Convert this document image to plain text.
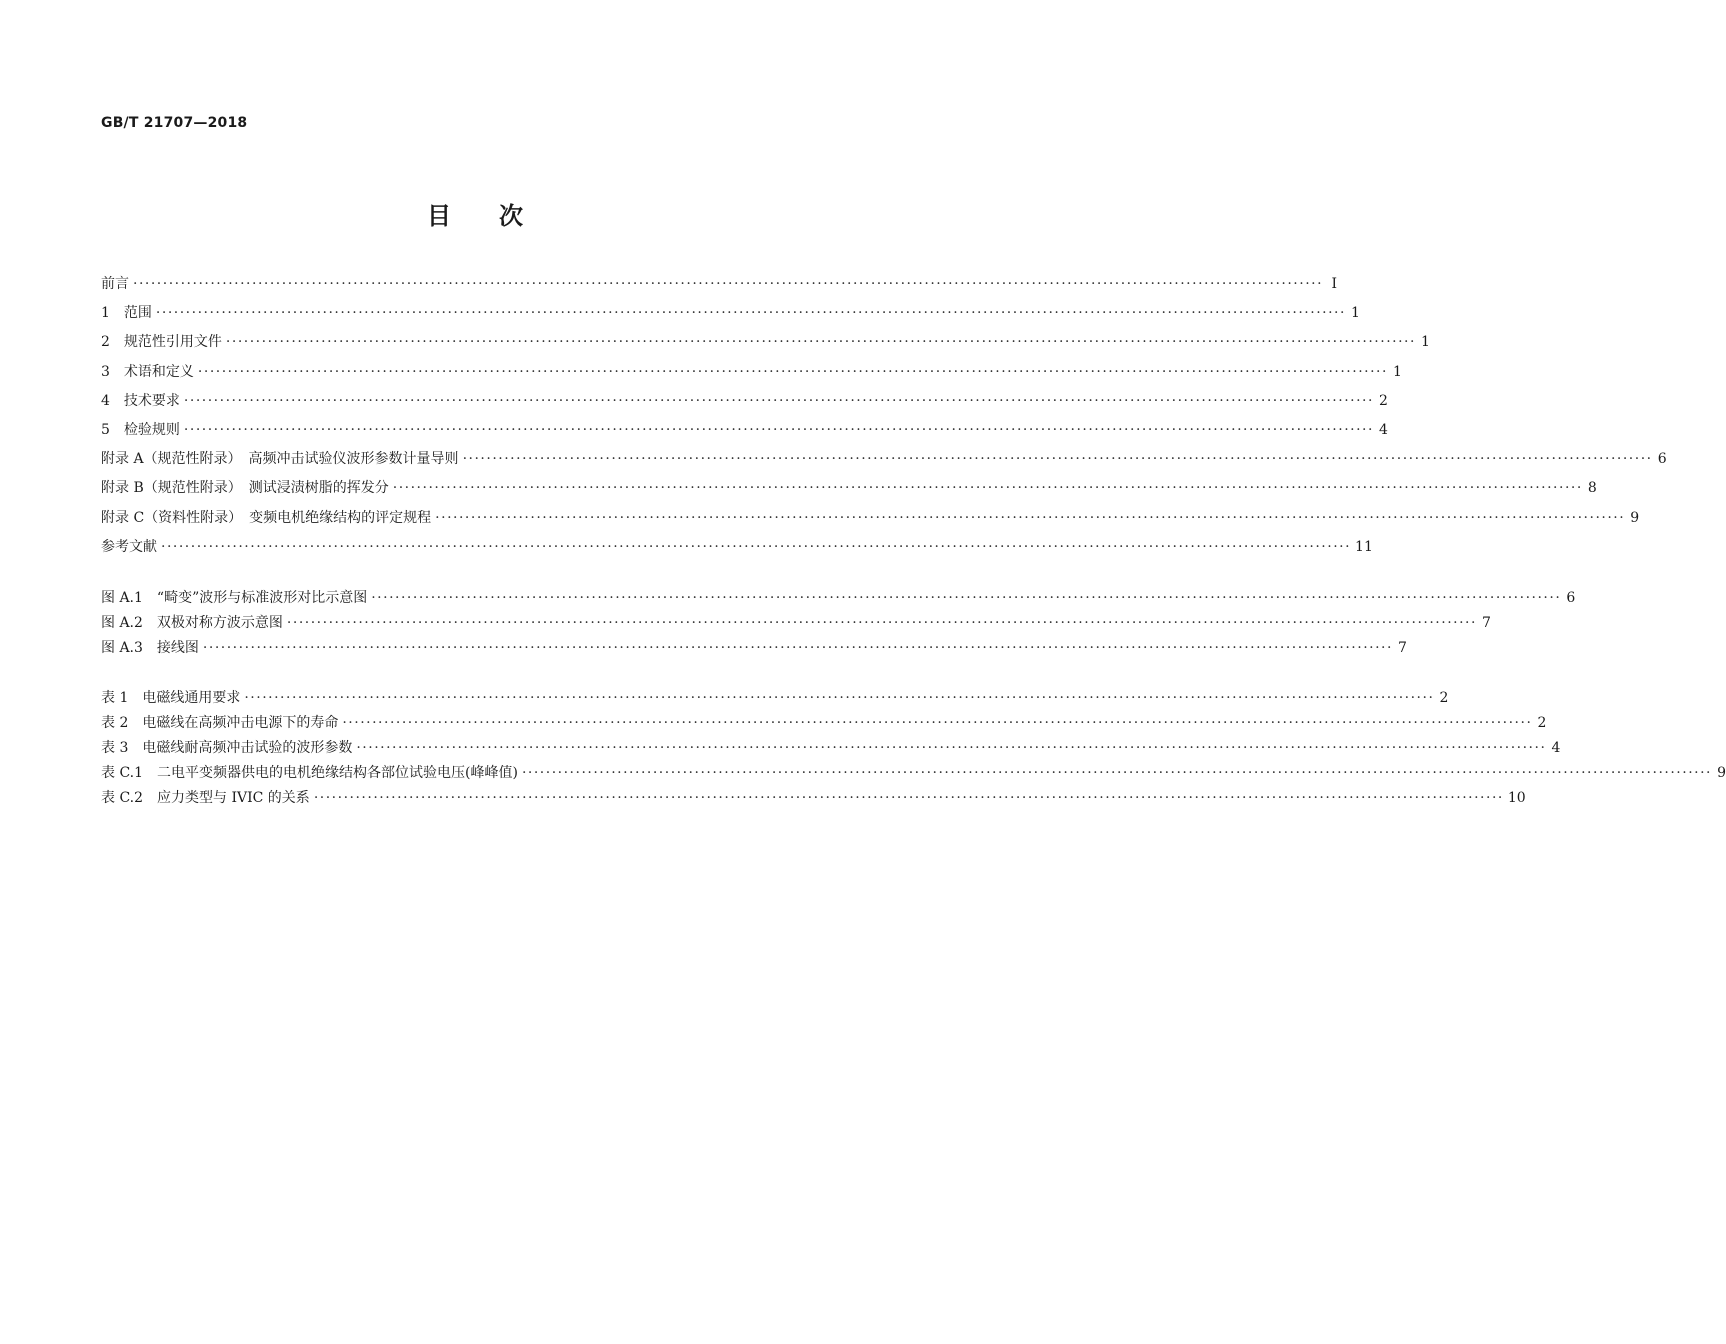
GB/T 21707—2018
目　　次
前言 ········································································································································································································ Ⅰ
1　范围 ········································································································································································································ 1
2　规范性引用文件 ········································································································································································································ 1
3　术语和定义 ········································································································································································································ 1
4　技术要求 ········································································································································································································ 2
5　检验规则 ········································································································································································································ 4
附录 A（规范性附录）　高频冲击试验仪波形参数计量导则 ········································································································································································································ 6
附录 B（规范性附录）　测试浸渍树脂的挥发分 ········································································································································································································ 8
附录 C（资料性附录）　变频电机绝缘结构的评定规程 ········································································································································································································ 9
参考文献 ········································································································································································································ 11
图 A.1　“畸变”波形与标准波形对比示意图 ········································································································································································································ 6
图 A.2　双极对称方波示意图 ········································································································································································································ 7
图 A.3　接线图 ········································································································································································································ 7
表 1　电磁线通用要求 ········································································································································································································ 2
表 2　电磁线在高频冲击电源下的寿命 ········································································································································································································ 2
表 3　电磁线耐高频冲击试验的波形参数 ········································································································································································································ 4
表 C.1　二电平变频器供电的电机绝缘结构各部位试验电压(峰峰值) ········································································································································································································ 9
表 C.2　应力类型与 IVIC 的关系 ········································································································································································································ 10
